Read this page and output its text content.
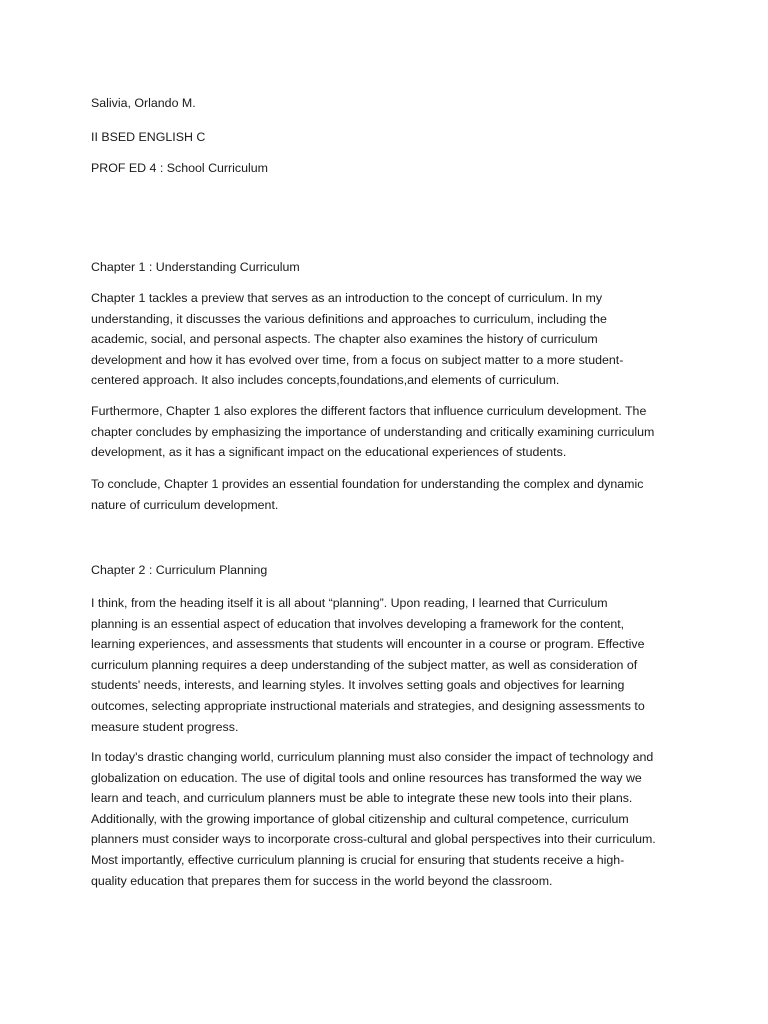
Salivia, Orlando M.

II BSED ENGLISH C

PROF ED 4 : School Curriculum

Chapter 1 : Understanding Curriculum

Chapter 1 tackles a preview that serves as an introduction to the concept of curriculum. In my
understanding, it discusses the various definitions and approaches to curriculum, including the
academic, social, and personal aspects. The chapter also examines the history of curriculum
development and how it has evolved over time, from a focus on subject matter to a more student-
centered approach. It also includes concepts,foundations,and elements of curriculum.
Furthermore, Chapter 1 also explores the different factors that influence curriculum development. The
chapter concludes by emphasizing the importance of understanding and critically examining curriculum
development, as it has a significant impact on the educational experiences of students.
To conclude, Chapter 1 provides an essential foundation for understanding the complex and dynamic
nature of curriculum development.

Chapter 2 : Curriculum Planning

I think, from the heading itself it is all about “planning”. Upon reading, I learned that Curriculum
planning is an essential aspect of education that involves developing a framework for the content,
learning experiences, and assessments that students will encounter in a course or program. Effective
curriculum planning requires a deep understanding of the subject matter, as well as consideration of
students' needs, interests, and learning styles. It involves setting goals and objectives for learning
outcomes, selecting appropriate instructional materials and strategies, and designing assessments to
measure student progress.
In today's drastic changing world, curriculum planning must also consider the impact of technology and
globalization on education. The use of digital tools and online resources has transformed the way we
learn and teach, and curriculum planners must be able to integrate these new tools into their plans.
Additionally, with the growing importance of global citizenship and cultural competence, curriculum
planners must consider ways to incorporate cross-cultural and global perspectives into their curriculum.
Most importantly, effective curriculum planning is crucial for ensuring that students receive a high-
quality education that prepares them for success in the world beyond the classroom.
